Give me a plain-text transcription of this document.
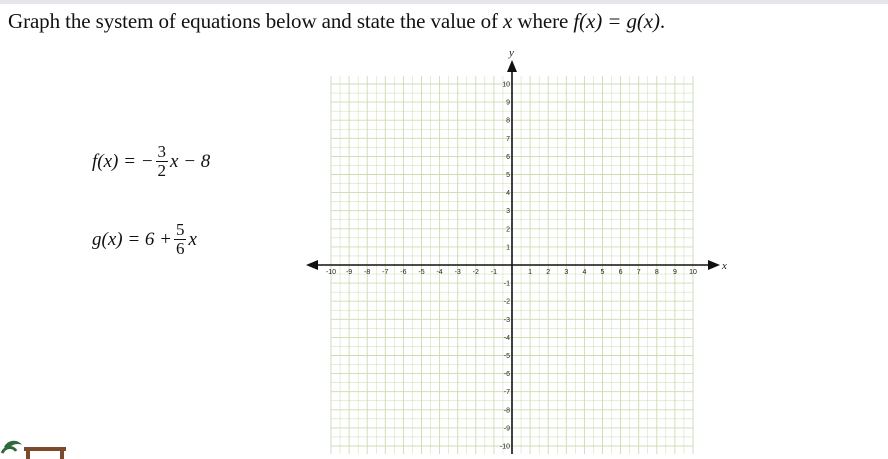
Graph the system of equations below and state the value of x where f(x) = g(x).
f(x) = − $\frac{3}{2}$ x − 8
$g(x) = 6 + \frac{5}{6}$ x
x
y
-10 -9 -8 -7 -6 -5 -4 -3 -2 -1	1 2 3 4 5 6 7 8 9 10
10
9
8
7
6
5
4
3
2
1
-1
-2
-3
-4
-5
-6
-7
-8
-9
-10
